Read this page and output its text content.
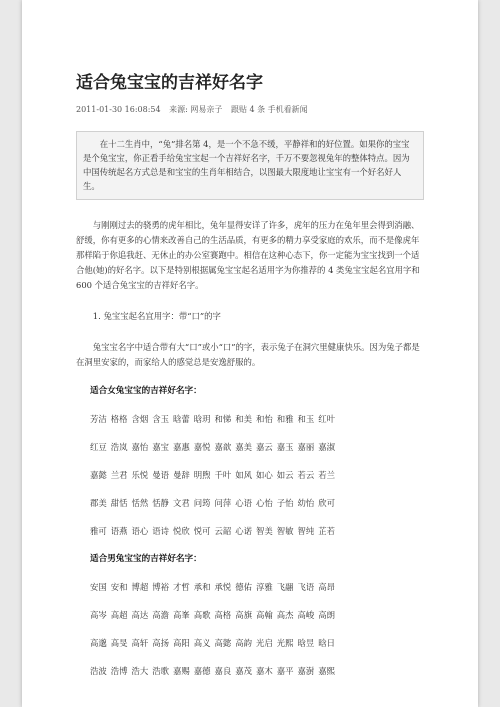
适合兔宝宝的吉祥好名字
2011-01-30 16:08:54 来源: 网易亲子 跟贴 4 条 手机看新闻

在十二生肖中，“兔”排名第 4，是一个不急不缓，平静祥和的好位置。如果你的宝宝是个兔宝宝，你正看手给兔宝宝起一个吉祥好名字，千万不要忽视兔年的整体特点。因为中国传统起名方式总是和宝宝的生肖年相结合，以图最大限度地让宝宝有一个好名好人生。

与刚刚过去的骁勇的虎年相比，兔年显得安详了许多，虎年的压力在兔年里会得到消融、舒缓，你有更多的心情来改善自己的生活品质，有更多的精力享受家庭的欢乐，而不是像虎年那样陷于你追我赶、无休止的办公室赛跑中。相信在这种心态下，你一定能为宝宝找到一个适合他(她)的好名字。以下是特别根据属兔宝宝起名适用字为你推荐的 4 类兔宝宝起名宜用字和 600 个适合兔宝宝的吉祥好名字。

1. 兔宝宝起名宜用字：带“口”的字

兔宝宝名字中适合带有大“口”或小“口”的字，表示兔子在洞穴里健康快乐。因为兔子都是在洞里安家的，而家给人的感觉总是安逸舒服的。

适合女兔宝宝的吉祥好名字：
芳洁 格格 含烟 含玉 晗蕾 晗玥 和悌 和美 和怡 和雅 和玉 红叶
红豆 浩岚 嘉怡 嘉宝 嘉惠 嘉悦 嘉歆 嘉美 嘉云 嘉玉 嘉丽 嘉淑
嘉懿 兰君 乐悦 曼语 曼辞 明煦 千叶 如风 如心 如云 若云 若兰
郡美 甜恬 恬然 恬静 文君 问筠 问萍 心语 心怡 子怡 幼怡 欣可
雅可 语燕 语心 语诗 悦欣 悦可 云韶 心诺 智美 智敏 智纯 芷若
适合男兔宝宝的吉祥好名字：
安国 安和 博超 博裕 才哲 承和 承悦 德佑 淳雅 飞翮 飞语 高昂
高岑 高超 高达 高澹 高峯 高歌 高格 高旗 高翰 高杰 高峻 高朗
高邈 高旻 高轩 高扬 高阳 高义 高懿 高韵 光启 光熙 晗昱 晗日
浩波 浩博 浩大 浩歌 嘉赐 嘉德 嘉良 嘉茂 嘉木 嘉平 嘉澍 嘉熙
